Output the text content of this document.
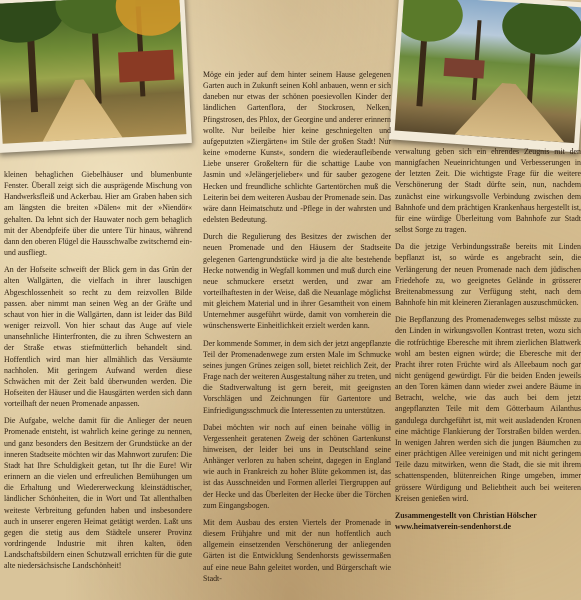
kleinen behaglichen Giebelhäuser und blumenbunte Fenster. Überall zeigt sich die ausprägende Mischung von Handwerksfleiß und Ackerbau. Hier am Graben haben sich am längsten die breiten »Dälen« mit der »Niendör« gehalten. Da lehnt sich der Hauwater noch gern behaglich mit der Abendpfeife über die untere Tür hinaus, während dann den oberen Flügel die Hausschwalbe zwitschernd ein- und ausfliegt.

An der Hofseite schweift der Blick gern in das Grün der alten Wallgärten, die vielfach in ihrer lauschigen Abgeschlossenheit so recht zu dem reizvollen Bilde passen. aber nimmt man seinen Weg an der Gräfte und schaut von hier in die Wallgärten, dann ist leider das Bild weniger reizvoll. Von hier schaut das Auge auf viele unansehnliche Hinterfronten, die zu ihren Schwestern an der Straße etwas stiefmütterlich behandelt sind. Hoffentlich wird man hier allmählich das Versäumte nachholen. Mit geringem Aufwand werden diese Schwächen mit der Zeit bald überwunden werden. Die Hofseiten der Häuser und die Hausgärten werden sich dann vorteilhaft der neuen Promenade anpassen.

Die Aufgabe, welche damit für die Anlieger der neuen Promenade entsteht, ist wahrlich keine geringe zu nennen, und ganz besonders den Besitzern der Grundstücke an der inneren Stadtseite möchten wir das Mahnwort zurufen: Die Stadt hat Ihre Schuldigkeit getan, tut Ihr die Eure! Wir erinnern an die vielen und erfreulichen Bemühungen um die Erhaltung und Wiedererweckung kleinstädtischer, ländlicher Schönheiten, die in Wort und Tat allenthalben weiteste Verbreitung gefunden haben und insbesondere auch in unserer engeren Heimat getätigt werden. Laßt uns gegen die stetig aus dem Städtele unserer Provinz vordringende Industrie mit ihren kalten, öden Landschaftsbildern einen Schutzwall errichten für die gute alte niedersächsische Landschönheit!

Möge ein jeder auf dem hinter seinem Hause gelegenen Garten auch in Zukunft seinen Kohl anbauen, wenn er sich daneben nur etwas der schönen poesievollen Kinder der ländlichen Gartenflora, der Stockrosen, Nelken, Pfingstrosen, des Phlox, der Georgine und anderer erinnern wollte. Nur beileibe hier keine geschniegelten und aufgeputzten »Ziergärten« im Stile der großen Stadt! Nur keine »moderne Kunst«, sondern die wiederaufleibende Liebe unserer Großeltern für die schattige Laube von Jasmin und »Jelängerjelieber« und für sauber gezogene Hecken und freundliche schlichte Gartentörchen muß die Leiterin bei dem weiteren Ausbau der Promenade sein. Das wäre dann Heimatschutz und -Pflege in der wahrsten und edelsten Bedeutung.

Durch die Regulierung des Besitzes der zwischen der neuen Promenade und den Häusern der Stadtseite gelegenen Gartengrundstücke wird ja die alte bestehende Hecke notwendig in Wegfall kommen und muß durch eine neue schmuckere ersetzt werden, und zwar am vorteilhaftesten in der Weise, daß die Neuanlage möglichst mit gleichem Material und in ihrer Gesamtheit von einem Unternehmer ausgeführt würde, damit von vornherein die wünschenswerte Einheitlichkeit erzielt werden kann.

Der kommende Sommer, in dem sich der jetzt angepflanzte Teil der Promenadenwege zum ersten Male im Schmucke seines jungen Grünes zeigen soll, bietet reichlich Zeit, der Frage nach der weiteren Ausgestaltung näher zu treten, und die Stadtverwaltung ist gern bereit, mit geeignsten Vorschlägen und Zeichnungen für Gartentore und Einfriedigungsschmuck die Interessenten zu unterstützen.

Dabei möchten wir noch auf einen beinahe völlig in Vergessenheit geratenen Zweig der schönen Gartenkunst hinweisen, der leider bei uns in Deutschland seine Anhänger verloren zu haben scheint, dagegen in England wie auch in Frankreich zu hoher Blüte gekommen ist, das ist das Ausschneiden und Formen allerlei Tiergruppen auf der Hecke und das Überleiten der Hecke über die Törchen zum Eingangsbogen.

Mit dem Ausbau des ersten Viertels der Promenade in diesem Frühjahre und mit der nun hoffentlich auch allgemein einsetzenden Verschönerung der anliegenden Gärten ist die Entwicklung Sendenhorsts gewissermaßen auf eine neue Bahn geleitet worden, und Bürgerschaft wie Stadt-

verwaltung geben sich ein ehrendes Zeugnis mit den mannigfachen Neueinrichtungen und Verbesserungen in der letzten Zeit. Die wichtigste Frage für die weitere Verschönerung der Stadt dürfte sein, nun, nachdem zunächst eine wirkungsvolle Verbindung zwischen dem Bahnhofe und dem prächtigen Krankenhaus hergestellt ist, für eine würdige Überleitung vom Bahnhofe zur Stadt selbst Sorge zu tragen.

Da die jetzige Verbindungsstraße bereits mit Linden bepflanzt ist, so würde es angebracht sein, die Verlängerung der neuen Promenade nach dem jüdischen Friedehofe zu, wo geeignetes Gelände in grösserer Breitenabmessung zur Verfügung steht, nach dem Bahnhofe hin mit kleineren Zieranlagen auszuschmücken.

Die Bepflanzung des Promenadenweges selbst müsste zu den Linden in wirkungsvollen Kontrast treten, wozu sich die rotfrüchtige Eberesche mit ihrem zierlichen Blattwerk wohl am besten eignen würde; die Eberesche mit der Pracht ihrer roten Früchte wird als Alleebaum noch gar nicht genügend gewürdigt. Für die beiden Enden jeweils an den Toren kämen dann wieder zwei andere Bäume in Betracht, welche, wie das auch bei dem jetzt angepflanzten Teile mit dem Götterbaum Ailanthus gandulega durchgeführt ist, mit weit ausladenden Kronen eine mächtige Flankierung der Torstraßen bilden werden. In wenigen Jahren werden sich die jungen Bäumchen zu einer prächtigen Allee vereinigen und mit nicht geringem Teile dazu mitwirken, wenn die Stadt, die sie mit ihrem schattenspenden, blütenreichen Ringe umgeben, immer grössere Würdigung und Beliebtheit auch bei weiteren Kreisen genießen wird.

Zusammengestellt von Christian Hölscher
www.heimatverein-sendenhorst.de
